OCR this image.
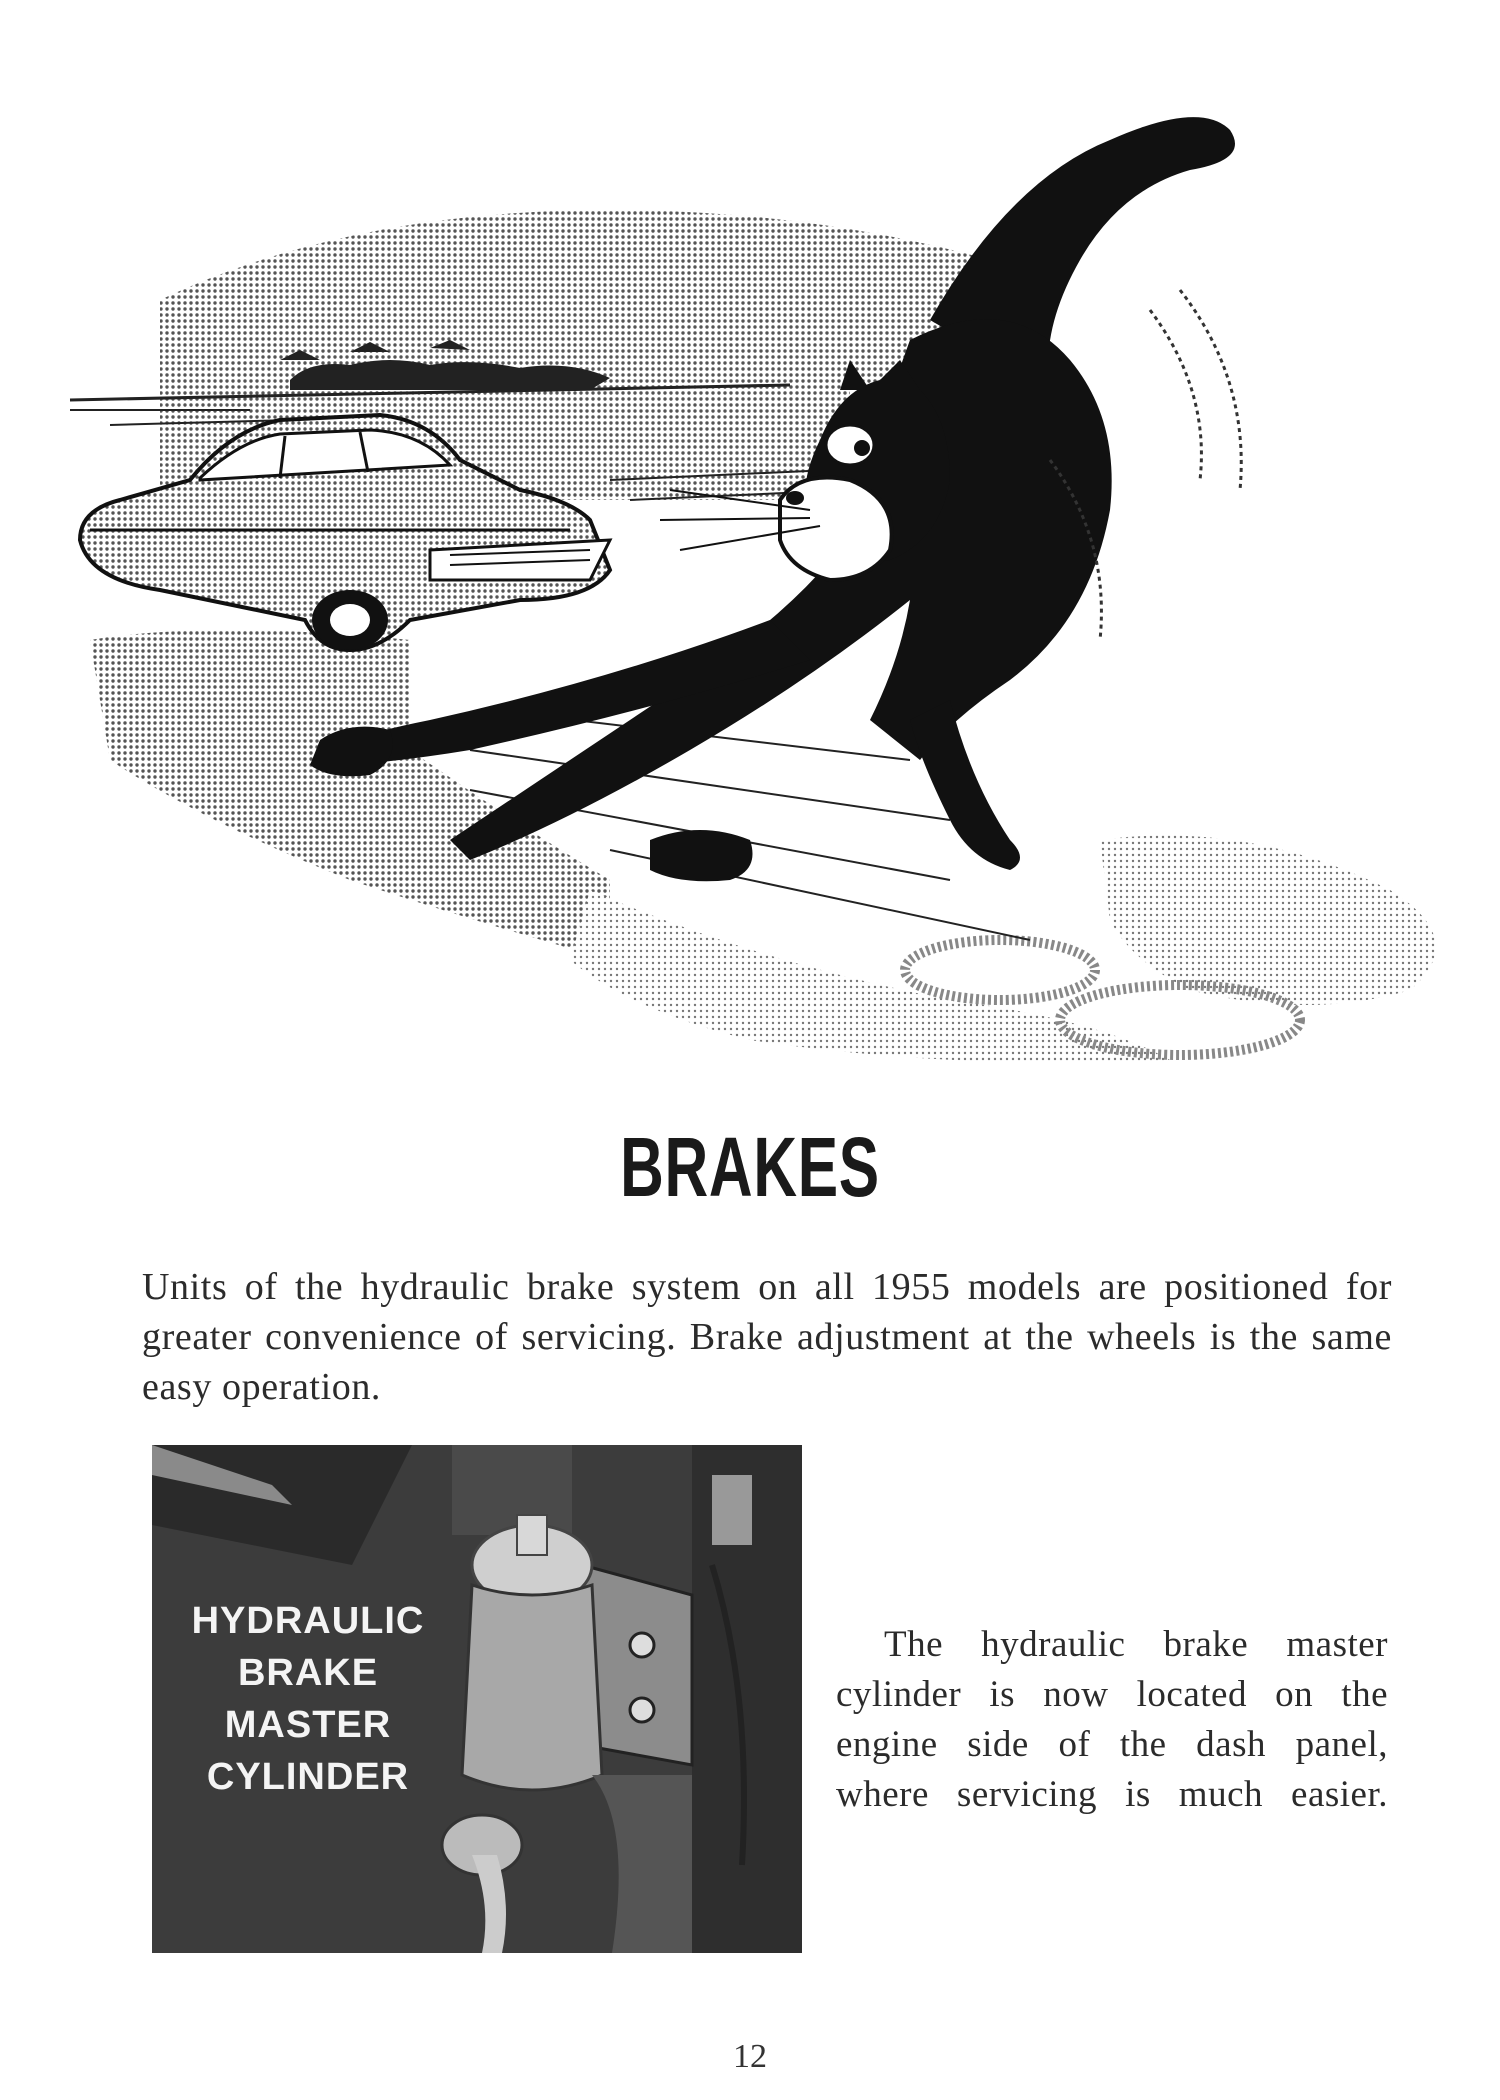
BRAKES

Units of the hydraulic brake system on all 1955 models are positioned for greater convenience of servicing. Brake adjustment at the wheels is the same easy operation.

HYDRAULIC
BRAKE
MASTER
CYLINDER

The hydraulic brake master cylinder is now located on the engine side of the dash panel, where servicing is much easier.

12
